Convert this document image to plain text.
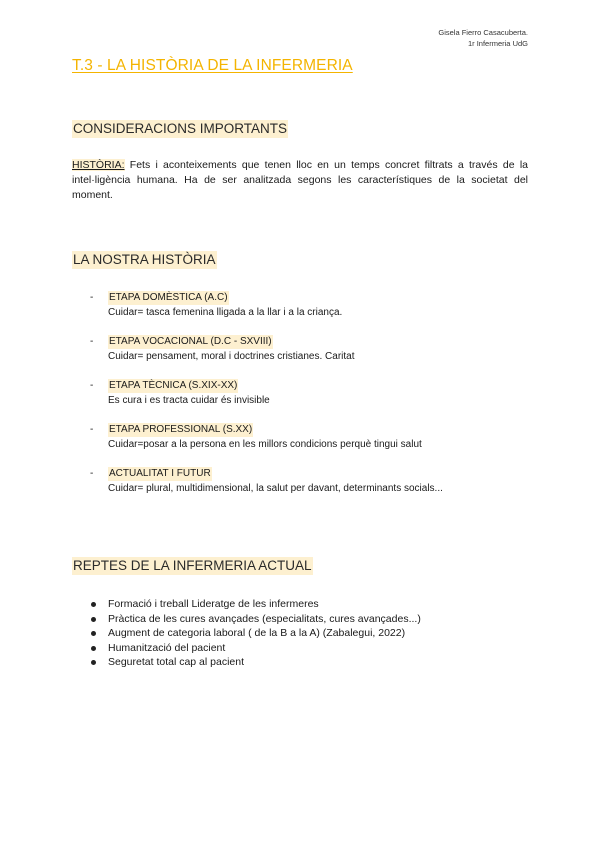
Gisela Fierro Casacuberta.
1r Infermeria UdG
T.3 - LA HISTÒRIA DE LA INFERMERIA
CONSIDERACIONS IMPORTANTS
HISTÒRIA: Fets i aconteixements que tenen lloc en un temps concret filtrats a través de la intel·ligència humana. Ha de ser analitzada segons les característiques de la societat del moment.
LA NOSTRA HISTÒRIA
-	ETAPA DOMÈSTICA (A.C)
Cuidar= tasca femenina lligada a la llar i a la criança.
-	ETAPA VOCACIONAL (D.C - SXVIII)
Cuidar= pensament, moral i doctrines cristianes. Caritat
-	ETAPA TÈCNICA (S.XIX-XX)
Es cura i es tracta cuidar és invisible
-	ETAPA PROFESSIONAL (S.XX)
Cuidar=posar a la persona en les millors condicions perquè tingui salut
-	ACTUALITAT I FUTUR
Cuidar= plural, multidimensional, la salut per davant, determinants socials...
REPTES DE LA INFERMERIA ACTUAL
Formació i treball Lideratge de les infermeres
Pràctica de les cures avançades (especialitats, cures avançades...)
Augment de categoria laboral ( de la B a la A) (Zabalegui, 2022)
Humanització del pacient
Seguretat total cap al pacient
